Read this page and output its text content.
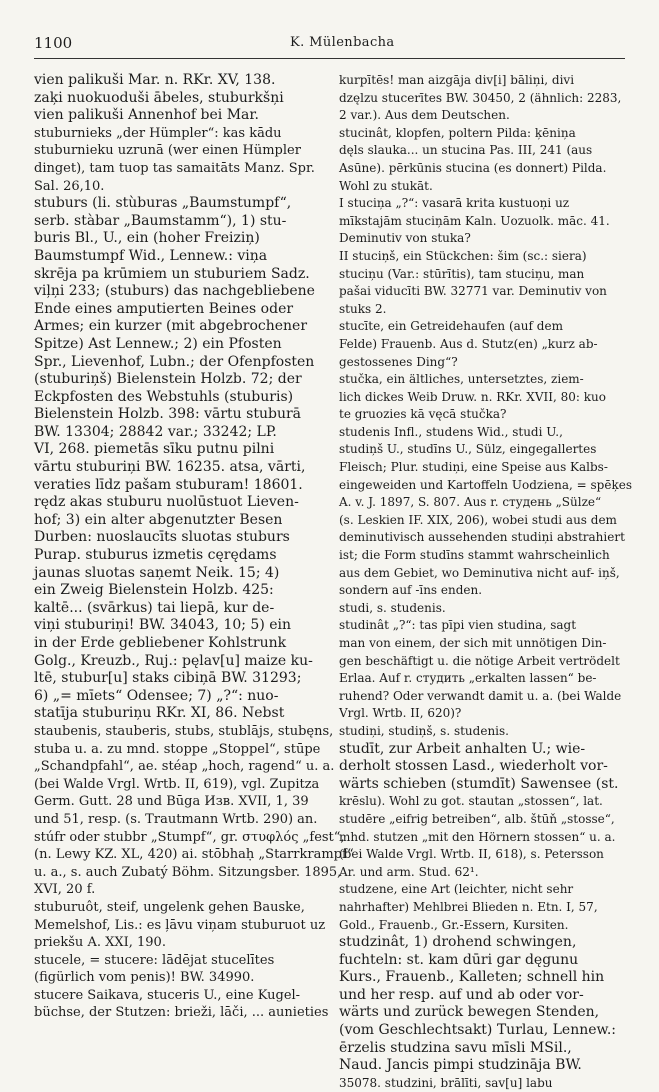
1100	K. Mülenbacha
vien palikuši Mar. n. RKr. XV, 138.
zaķi nuokuoduši ābeles, stuburkšņi
vien palikuši Annenhof bei Mar.
stuburnieks „der Hümpler“: kas kādu
stuburnieku uzrunā (wer einen Hümpler
dinget), tam tuop tas samaitāts Manz. Spr.
Sal. 26,10.
stuburs (li. stùburas „Baumstumpf“,
serb. stàbar „Baumstamm“), 1) stu-
buris Bl., U., ein (hoher Freiziņ)
Baumstumpf Wid., Lennew.: viņa
skrēja pa krūmiem un stuburiem Sadz.
viļņi 233; (stuburs) das nachgebliebene
Ende eines amputierten Beines oder
Armes; ein kurzer (mit abgebrochener
Spitze) Ast Lennew.; 2) ein Pfosten
Spr., Lievenhof, Lubn.; der Ofenpfosten
(stuburiņš) Bielenstein Holzb. 72; der
Eckpfosten des Webstuhls (stuburis)
Bielenstein Holzb. 398: vārtu stuburā
BW. 13304; 28842 var.; 33242; LP.
VI, 268. piemetās sīku putnu pilni
vārtu stuburiņi BW. 16235. atsa, vārti,
veraties līdz pašam stuburam! 18601.
rędz akas stuburu nuolūstuot Lieven-
hof; 3) ein alter abgenutzter Besen
Durben: nuoslaucīts sluotas stuburs
Purap. stuburus izmetis cęrędams
jaunas sluotas saņemt Neik. 15; 4)
ein Zweig Bielenstein Holzb. 425:
kaltē... (svārkus) tai liepā, kur de-
viņi stuburiņi! BW. 34043, 10; 5) ein
in der Erde gebliebener Kohlstrunk
Golg., Kreuzb., Ruj.: pęlav[u] maize ku-
ltē, stubur[u] staks cibiņā BW. 31293;
6) „= mīets“ Odensee; 7) „?“: nuo-
statīja stuburiņu RKr. XI, 86. Nebst
staubenis, stauberis, stubs, stublājs, stubęns,
stuba u. a. zu mnd. stoppe „Stoppel“, stūpe
„Schandpfahl“, ae. stéap „hoch, ragend“ u. a.
(bei Walde Vrgl. Wrtb. II, 619), vgl. Zupitza
Germ. Gutt. 28 und Būga Изв. XVII, 1, 39
und 51, resp. (s. Trautmann Wrtb. 290) an.
stúfr oder stubbr „Stumpf“, gr. στυφλός „fest“,
(n. Lewy KZ. XL, 420) ai. stōbhaḥ „Starrkrampf“
u. a., s. auch Zubatý Böhm. Sitzungsber. 1895,
XVI, 20 f.
stuburuôt, steif, ungelenk gehen Bauske,
Memelshof, Lis.: es ļāvu viņam stuburuot uz
priekšu A. XXI, 190.
stucele, = stucere: lādējat stucelītes
(figürlich vom penis)! BW. 34990.
stucere Saikava, stuceris U., eine Kugel-
büchse, der Stutzen: brieži, lāči, ... aunieties
kurpītēs! man aizgāja div[i] bāliņi, divi
dzęlzu stucerītes BW. 30450, 2 (ähnlich: 2283,
2 var.). Aus dem Deutschen.
stucinât, klopfen, poltern Pilda: ķēniņa
dęls slauka... un stucina Pas. III, 241 (aus
Asūne). pērkūnis stucina (es donnert) Pilda.
Wohl zu stukāt.
I stuciņa „?“: vasarā krita kustuoņi uz
mīkstajām stuciņām Kaln. Uozuolk. māc. 41.
Deminutiv von stuka?
II stuciņš, ein Stückchen: šim (sc.: siera)
stuciņu (Var.: stūrītis), tam stuciņu, man
pašai viducīti BW. 32771 var. Deminutiv von
stuks 2.
stucīte, ein Getreidehaufen (auf dem
Felde) Frauenb. Aus d. Stutz(en) „kurz ab-
gestossenes Ding“?
stučka, ein ältliches, untersetztes, ziem-
lich dickes Weib Druw. n. RKr. XVII, 80: kuo
te gruozies kā vęcā stučka?
studenis Infl., studens Wid., studi U.,
studiņš U., studīns U., Sülz, eingegallertes
Fleisch; Plur. studiņi, eine Speise aus Kalbs-
eingeweiden und Kartoffeln Uodziena, = spēķes
A. v. J. 1897, S. 807. Aus r. студень „Sülze“
(s. Leskien IF. XIX, 206), wobei studi aus dem
deminutivisch aussehenden studiņi abstrahiert
ist; die Form studīns stammt wahrscheinlich
aus dem Gebiet, wo Deminutiva nicht auf- iņš,
sondern auf -īns enden.
studi, s. studenis.
studinât „?“: tas pīpi vien studina, sagt
man von einem, der sich mit unnötigen Din-
gen beschäftigt u. die nötige Arbeit vertrödelt
Erlaa. Auf r. студить „erkalten lassen“ be-
ruhend? Oder verwandt damit u. a. (bei Walde
Vrgl. Wrtb. II, 620)?
studiņi, studiņš, s. studenis.
studīt, zur Arbeit anhalten U.; wie-
derholt stossen Lasd., wiederholt vor-
wärts schieben (stumdīt) Sawensee (st.
krēslu). Wohl zu got. stautan „stossen“, lat.
studēre „eifrig betreiben“, alb. štūň „stosse“,
mhd. stutzen „mit den Hörnern stossen“ u. a.
(bei Walde Vrgl. Wrtb. II, 618), s. Petersson
Ar. und arm. Stud. 62¹.
studzene, eine Art (leichter, nicht sehr
nahrhafter) Mehlbrei Blieden n. Etn. I, 57,
Gold., Frauenb., Gr.-Essern, Kursiten.
studzinât, 1) drohend schwingen,
fuchteln: st. kam dūri gar dęgunu
Kurs., Frauenb., Kalleten; schnell hin
und her resp. auf und ab oder vor-
wärts und zurück bewegen Stenden,
(vom Geschlechtsakt) Turlau, Lennew.:
ērzelis studzina savu mīsli MSil.,
Naud. Jancis pimpi studzināja BW.
35078. studzini, brālīti, sav[u] labu
